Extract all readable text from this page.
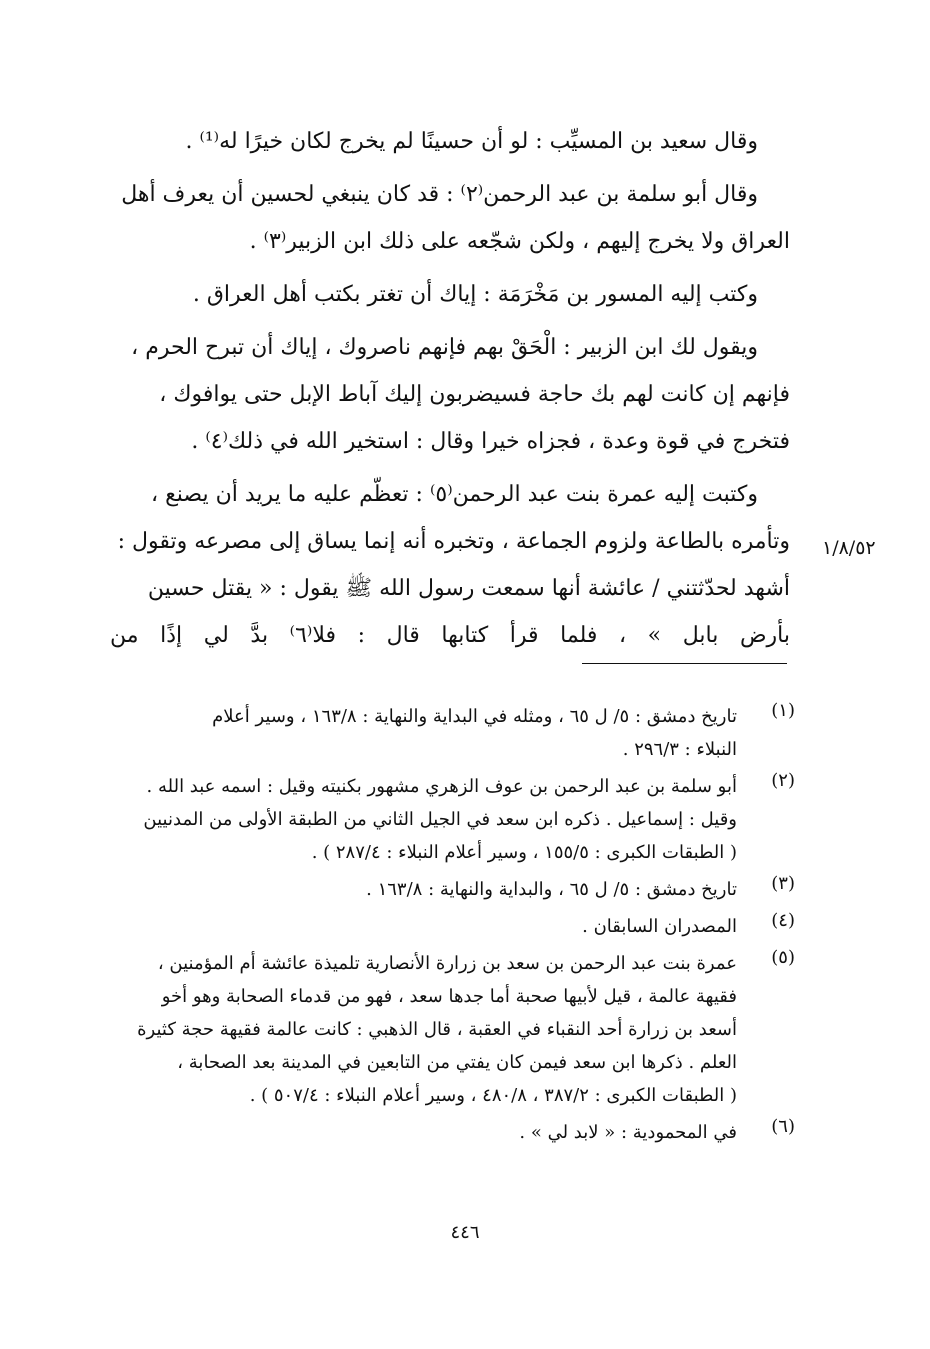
وقال سعيد بن المسيِّب : لو أن حسينًا لم يخرج لكان خيرًا له⁽¹⁾ .
وقال أبو سلمة بن عبد الرحمن⁽٢⁾ : قد كان ينبغي لحسين أن يعرف أهل
العراق ولا يخرج إليهم ، ولكن شجّعه على ذلك ابن الزبير⁽٣⁾ .
وكتب إليه المسور بن مَخْرَمَة : إياك أن تغتر بكتب أهل العراق .
ويقول لك ابن الزبير : الْحَقْ بهم فإنهم ناصروك ، إياك أن تبرح الحرم ،
فإنهم إن كانت لهم بك حاجة فسيضربون إليك آباط الإبل حتى يوافوك ،
فتخرج في قوة وعدة ، فجزاه خيرا وقال : استخير الله في ذلك⁽٤⁾ .
وكتبت إليه عمرة بنت عبد الرحمن⁽٥⁾ : تعظّم عليه ما يريد أن يصنع ،
وتأمره بالطاعة ولزوم الجماعة ، وتخبره أنه إنما يساق إلى مصرعه وتقول :
أشهد لحدّثتني / عائشة أنها سمعت رسول الله ﷺ يقول : « يقتل حسين
بأرض بابل » ، فلما قرأ كتابها قال : فلا⁽٦⁾ بدَّ لي إذًا من
١/٨/٥٢
(١)
تاريخ دمشق : ٥/ ل ٦٥ ، ومثله في البداية والنهاية : ١٦٣/٨ ، وسير أعلام
النبلاء : ٢٩٦/٣ .
(٢)
أبو سلمة بن عبد الرحمن بن عوف الزهري مشهور بكنيته وقيل : اسمه عبد الله .
وقيل : إسماعيل . ذكره ابن سعد في الجيل الثاني من الطبقة الأولى من المدنيين
( الطبقات الكبرى : ١٥٥/٥ ، وسير أعلام النبلاء : ٢٨٧/٤ ) .
(٣)
تاريخ دمشق : ٥/ ل ٦٥ ، والبداية والنهاية : ١٦٣/٨ .
(٤)
المصدران السابقان .
(٥)
عمرة بنت عبد الرحمن بن سعد بن زرارة الأنصارية تلميذة عائشة أم المؤمنين ،
فقيهة عالمة ، قيل لأبيها صحبة أما جدها سعد ، فهو من قدماء الصحابة وهو أخو
أسعد بن زرارة أحد النقباء في العقبة ، قال الذهبي : كانت عالمة فقيهة حجة كثيرة
العلم . ذكرها ابن سعد فيمن كان يفتي من التابعين في المدينة بعد الصحابة ،
( الطبقات الكبرى : ٣٨٧/٢ ، ٤٨٠/٨ ، وسير أعلام النبلاء : ٥٠٧/٤ ) .
(٦)
في المحمودية : « لابد لي » .
٤٤٦
